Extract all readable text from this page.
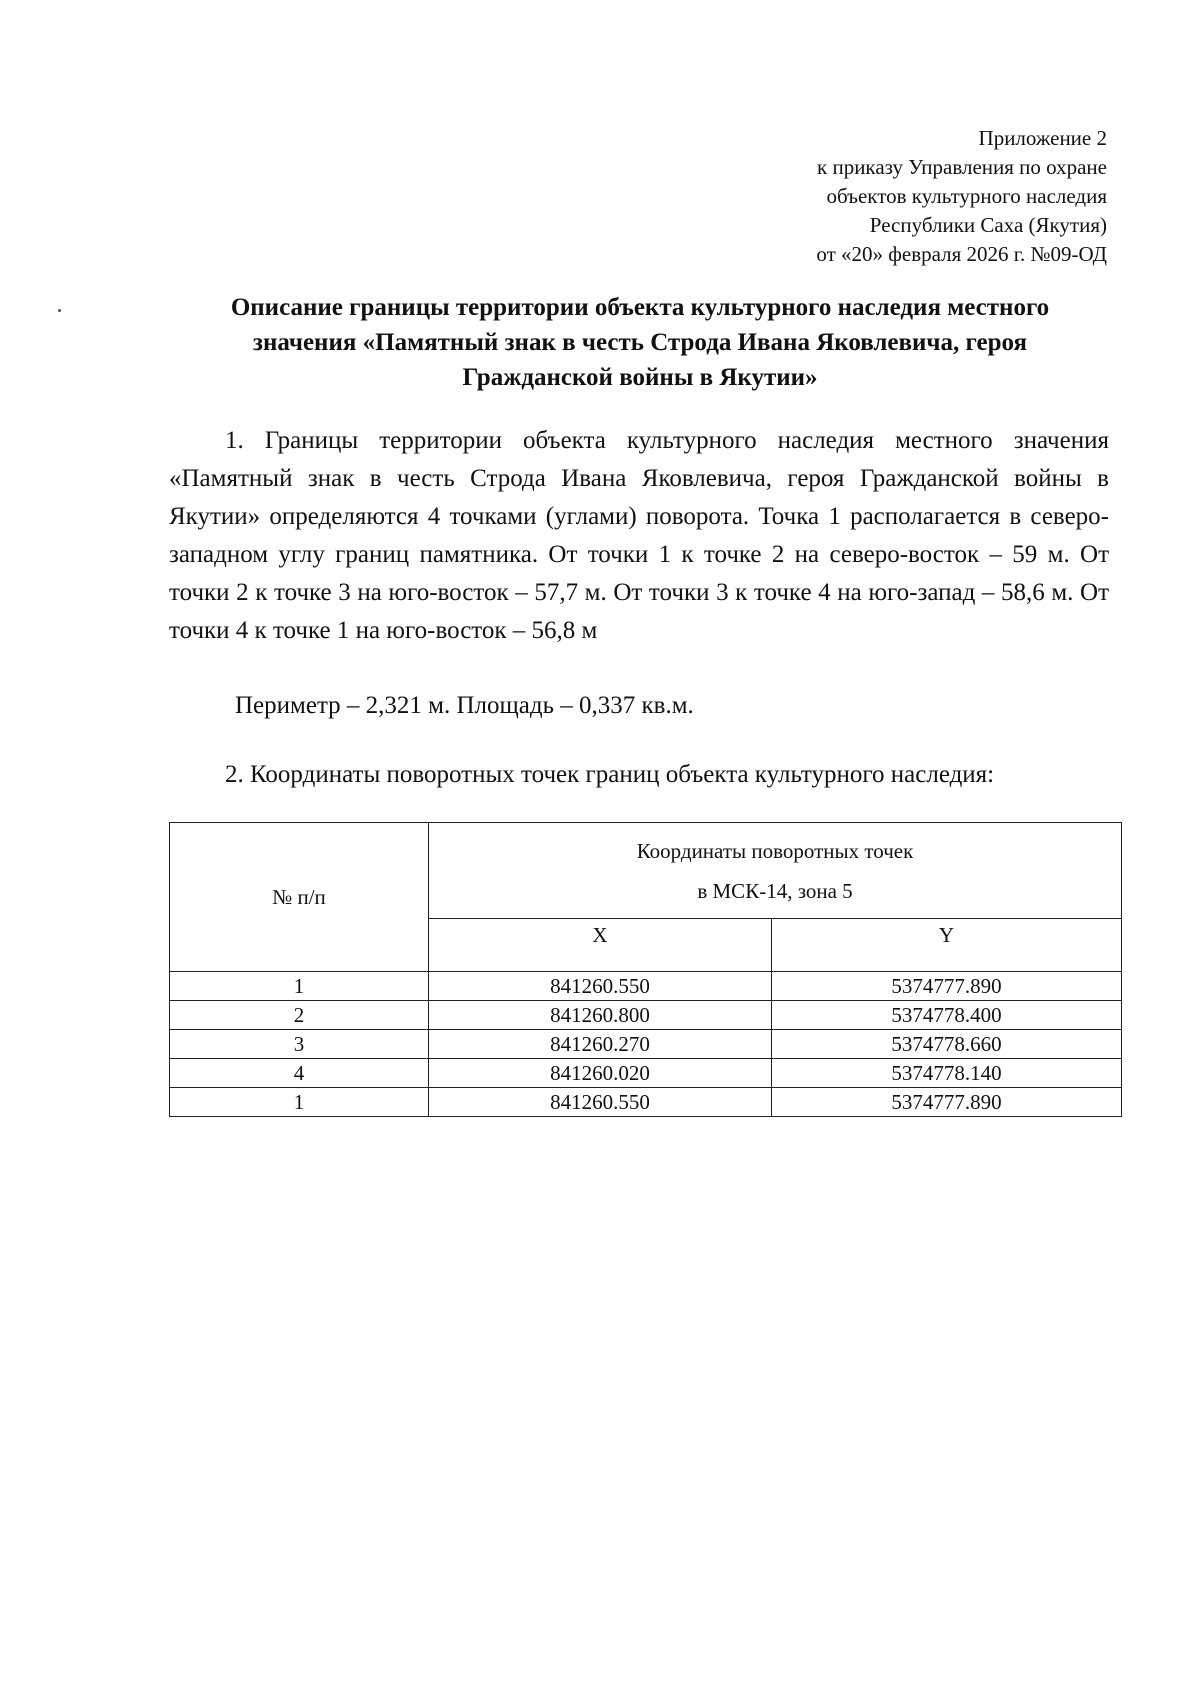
Приложение 2
к приказу Управления по охране
объектов культурного наследия
Республики Саха (Якутия)
от «20» февраля 2026 г. №09-ОД
Описание границы территории объекта культурного наследия местного
значения «Памятный знак в честь Строда Ивана Яковлевича, героя
Гражданской войны в Якутии»

1. Границы территории объекта культурного наследия местного значения «Памятный знак в честь Строда Ивана Яковлевича, героя Гражданской войны в Якутии» определяются 4 точками (углами) поворота. Точка 1 располагается в северо-западном углу границ памятника. От точки 1 к точке 2 на северо-восток – 59 м. От точки 2 к точке 3 на юго-восток – 57,7 м. От точки 3 к точке 4 на юго-запад – 58,6 м. От точки 4 к точке 1 на юго-восток – 56,8 м

Периметр – 2,321 м. Площадь – 0,337 кв.м.
2. Координаты поворотных точек границ объекта культурного наследия:
№ п/п	Координаты поворотных точек
в МСК-14, зона 5	

	X	Y
1	841260.550	5374777.890
2	841260.800	5374778.400
3	841260.270	5374778.660
4	841260.020	5374778.140
1	841260.550	5374777.890
